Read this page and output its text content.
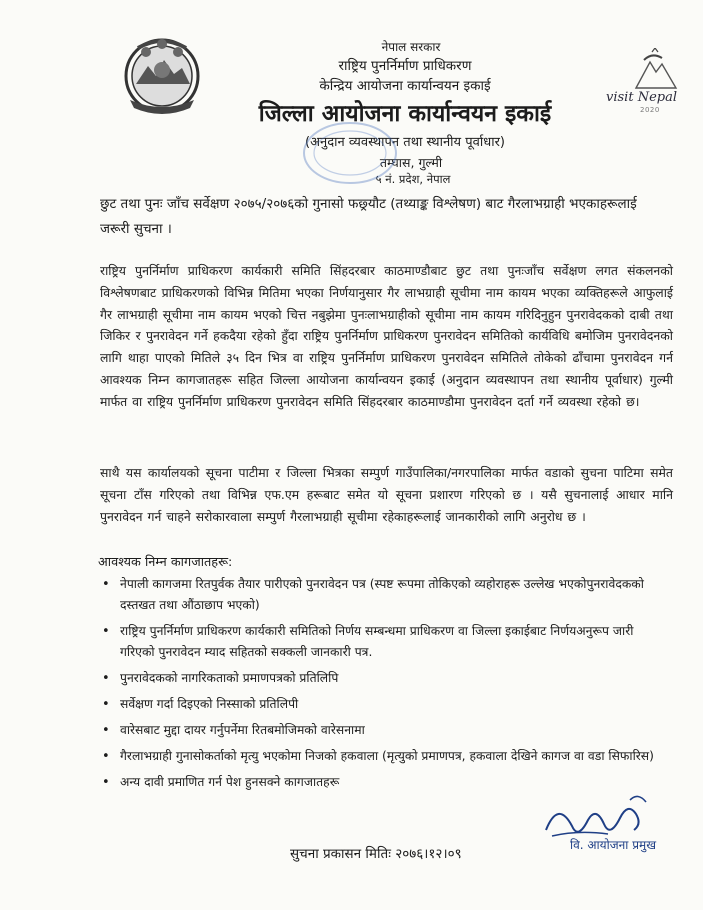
नेपाल सरकार
राष्ट्रिय पुनर्निर्माण प्राधिकरण
केन्द्रिय आयोजना कार्यान्वयन इकाई
जिल्ला आयोजना कार्यान्वयन इकाई
(अनुदान व्यवस्थापन तथा स्थानीय पूर्वाधार)
तम्घास, गुल्मी
५ नं. प्रदेश, नेपाल
visit Nepal
2020
छुट तथा पुनः जाँच सर्वेक्षण २०७५/२०७६को गुनासो फछ्र्यौट (तथ्याङ्क विश्लेषण) बाट गैरलाभग्राही भएकाहरूलाई जरूरी सुचना ।
राष्ट्रिय पुनर्निर्माण प्राधिकरण कार्यकारी समिति सिंहदरबार काठमाण्डौबाट छुट तथा पुनःजाँच सर्वेक्षण लगत संकलनको विश्लेषणबाट प्राधिकरणको विभिन्न मितिमा भएका निर्णयानुसार गैर लाभग्राही सूचीमा नाम कायम भएका व्यक्तिहरूले आफुलाई गैर लाभग्राही सूचीमा नाम कायम भएको चित्त नबुझेमा पुनःलाभग्राहीको सूचीमा नाम कायम गरिदिनुहुन पुनरावेदकको दाबी तथा जिकिर र पुनरावेदन गर्ने हकदैया रहेको हुँदा राष्ट्रिय पुनर्निर्माण प्राधिकरण पुनरावेदन समितिको कार्यविधि बमोजिम पुनरावेदनको लागि थाहा पाएको मितिले ३५ दिन भित्र वा राष्ट्रिय पुनर्निर्माण प्राधिकरण पुनरावेदन समितिले तोकेको ढाँचामा पुनरावेदन गर्न आवश्यक निम्न कागजातहरू सहित जिल्ला आयोजना कार्यान्वयन इकाई (अनुदान व्यवस्थापन तथा स्थानीय पूर्वाधार) गुल्मी मार्फत वा राष्ट्रिय पुनर्निर्माण प्राधिकरण पुनरावेदन समिति सिंहदरबार काठमाण्डौमा पुनरावेदन दर्ता गर्ने व्यवस्था रहेको छ।
साथै यस कार्यालयको सूचना पाटीमा र जिल्ला भित्रका सम्पुर्ण गाउँपालिका/नगरपालिका मार्फत वडाको सुचना पाटिमा समेत सूचना टाँस गरिएको तथा विभिन्न एफ.एम हरूबाट समेत यो सूचना प्रशारण गरिएको छ । यसै सुचनालाई आधार मानि पुनरावेदन गर्न चाहने सरोकारवाला सम्पुर्ण गैरलाभग्राही सूचीमा रहेकाहरूलाई जानकारीको लागि अनुरोध छ ।
आवश्यक निम्न कागजातहरू:
• नेपाली कागजमा रितपुर्वक तैयार पारीएको पुनरावेदन पत्र (स्पष्ट रूपमा तोकिएको व्यहोराहरू उल्लेख भएकोपुनरावेदकको दस्तखत तथा औंठाछाप भएको)
• राष्ट्रिय पुनर्निर्माण प्राधिकरण कार्यकारी समितिको निर्णय सम्बन्धमा प्राधिकरण वा जिल्ला इकाईबाट निर्णयअनुरूप जारी गरिएको पुनरावेदन म्याद सहितको सक्कली जानकारी पत्र.
• पुनरावेदकको नागरिकताको प्रमाणपत्रको प्रतिलिपि
• सर्वेक्षण गर्दा दिइएको निस्साको प्रतिलिपी
• वारेसबाट मुद्दा दायर गर्नुपर्नेमा रितबमोजिमको वारेसनामा
• गैरलाभग्राही गुनासोकर्ताको मृत्यु भएकोमा निजको हकवाला (मृत्युको प्रमाणपत्र, हकवाला देखिने कागज वा वडा सिफारिस)
• अन्य दावी प्रमाणित गर्न पेश हुनसक्ने कागजातहरू
वि. आयोजना प्रमुख
सुचना प्रकासन मितिः २०७६।१२।०९
